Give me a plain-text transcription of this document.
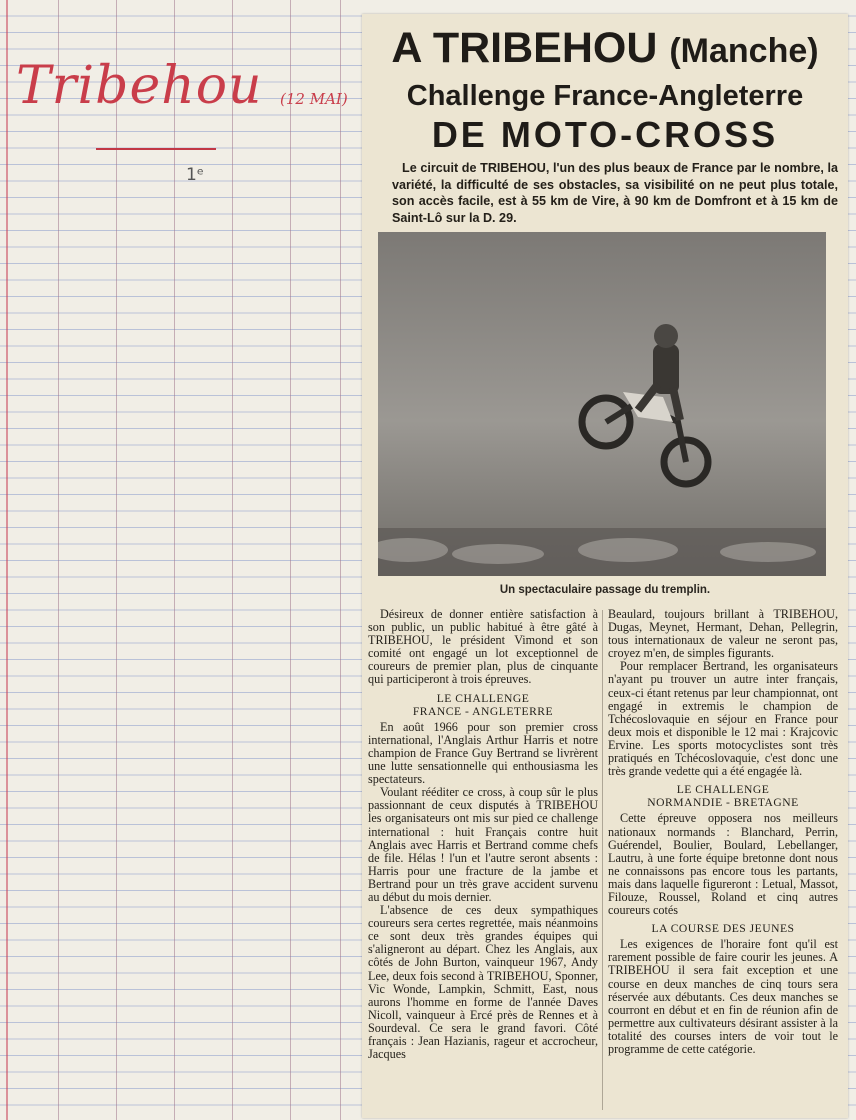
Tribehou (12 MAI)
1ᵉ
A TRIBEHOU (Manche)
Challenge France-Angleterre
DE MOTO-CROSS
Le circuit de TRIBEHOU, l'un des plus beaux de France par le nombre, la variété, la difficulté de ses obstacles, sa visibilité on ne peut plus totale, son accès facile, est à 55 km de Vire, à 90 km de Domfront et à 15 km de Saint-Lô sur la D. 29.
Un spectaculaire passage du tremplin.

Désireux de donner entière satisfaction à son public, un public habitué à être gâté à TRIBEHOU, le président Vimond et son comité ont engagé un lot exceptionnel de coureurs de premier plan, plus de cinquante qui participeront à trois épreuves.

LE CHALLENGE
FRANCE - ANGLETERRE

En août 1966 pour son premier cross international, l'Anglais Arthur Harris et notre champion de France Guy Bertrand se livrèrent une lutte sensationnelle qui enthousiasma les spectateurs.

Voulant rééditer ce cross, à coup sûr le plus passionnant de ceux disputés à TRIBEHOU les organisateurs ont mis sur pied ce challenge international : huit Français contre huit Anglais avec Harris et Bertrand comme chefs de file. Hélas ! l'un et l'autre seront absents : Harris pour une fracture de la jambe et Bertrand pour un très grave accident survenu au début du mois dernier.

L'absence de ces deux sympathiques coureurs sera certes regrettée, mais néanmoins ce sont deux très grandes équipes qui s'aligneront au départ. Chez les Anglais, aux côtés de John Burton, vainqueur 1967, Andy Lee, deux fois second à TRIBEHOU, Sponner, Vic Wonde, Lampkin, Schmitt, East, nous aurons l'homme en forme de l'année Daves Nicoll, vainqueur à Ercé près de Rennes et à Sourdeval. Ce sera le grand favori. Côté français : Jean Hazianis, rageur et accrocheur, Jacques

Beaulard, toujours brillant à TRIBEHOU, Dugas, Meynet, Hermant, Dehan, Pellegrin, tous internationaux de valeur ne seront pas, croyez m'en, de simples figurants.

Pour remplacer Bertrand, les organisateurs n'ayant pu trouver un autre inter français, ceux-ci étant retenus par leur championnat, ont engagé in extremis le champion de Tchécoslovaquie en séjour en France pour deux mois et disponible le 12 mai : Krajcovic Ervine. Les sports motocyclistes sont très pratiqués en Tchécoslovaquie, c'est donc une très grande vedette qui a été engagée là.

LE CHALLENGE
NORMANDIE - BRETAGNE

Cette épreuve opposera nos meilleurs nationaux normands : Blanchard, Perrin, Guérendel, Boulier, Boulard, Lebellanger, Lautru, à une forte équipe bretonne dont nous ne connaissons pas encore tous les partants, mais dans laquelle figureront : Letual, Massot, Filouze, Roussel, Roland et cinq autres coureurs cotés

LA COURSE DES JEUNES

Les exigences de l'horaire font qu'il est rarement possible de faire courir les jeunes. A TRIBEHOU il sera fait exception et une course en deux manches de cinq tours sera réservée aux débutants. Ces deux manches se courront en début et en fin de réunion afin de permettre aux cultivateurs désirant assister à la totalité des courses inters de voir tout le programme de cette catégorie.
